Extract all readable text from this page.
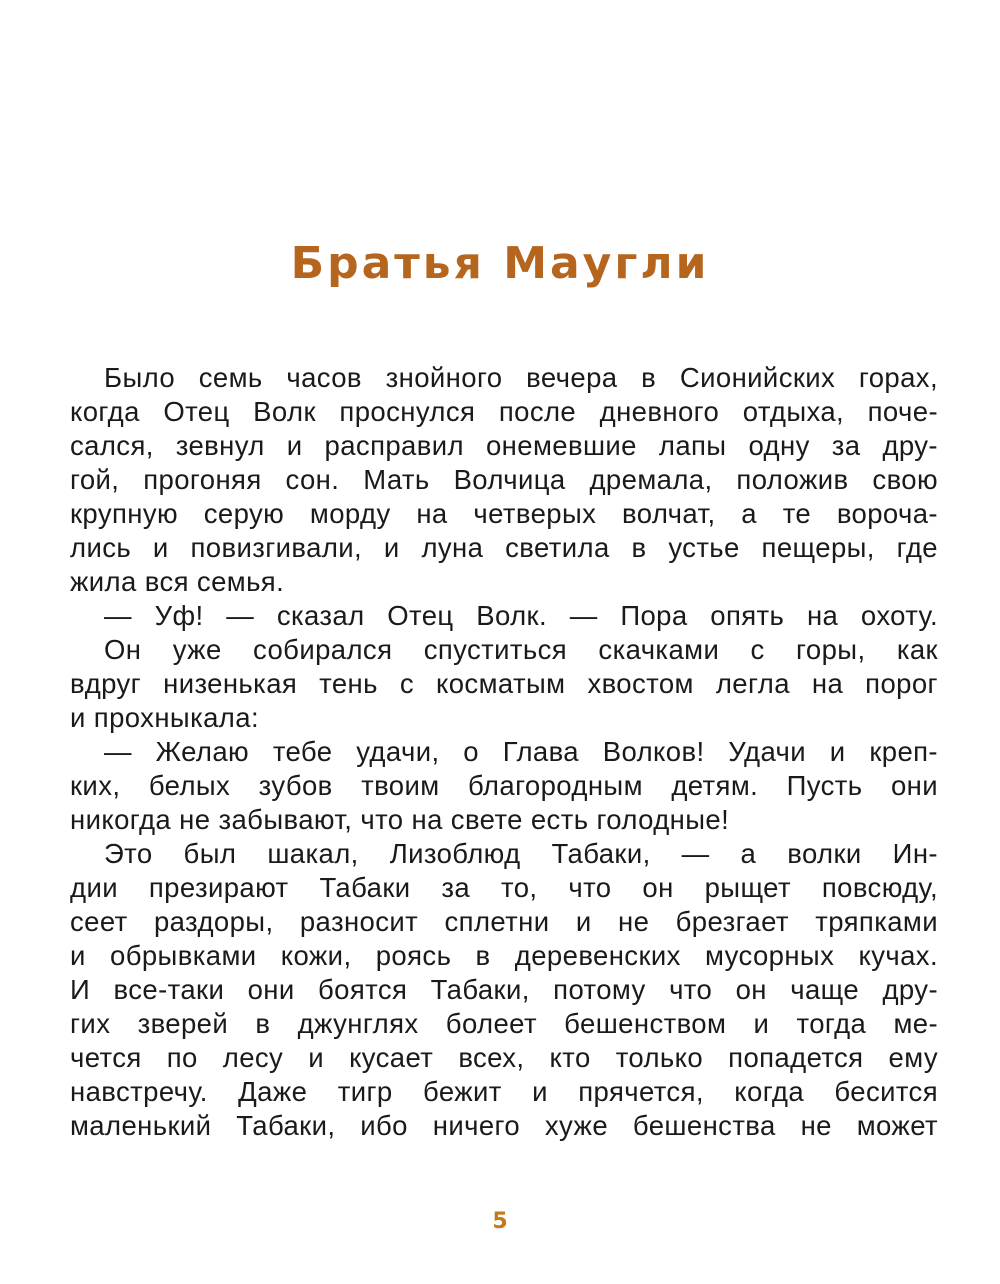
Братья Маугли
Было семь часов знойного вечера в Сионийских горах,
когда Отец Волк проснулся после дневного отдыха, поче-
сался, зевнул и расправил онемевшие лапы одну за дру-
гой, прогоняя сон. Мать Волчица дремала, положив свою
крупную серую морду на четверых волчат, а те ворочa-
лись и повизгивали, и луна светила в устье пещеры, где
жила вся семья.
— Уф! — сказал Отец Волк. — Пора опять на охоту.
Он уже собирался спуститься скачками с горы, как
вдруг низенькая тень с косматым хвостом легла на порог
и прохныкала:
— Желаю тебе удачи, о Глава Волков! Удачи и креп-
ких, белых зубов твоим благородным детям. Пусть они
никогда не забывают, что на свете есть голодные!
Это был шакал, Лизоблюд Табаки, — а волки Ин-
дии презирают Табаки за то, что он рыщет повсюду,
сеет раздоры, разносит сплетни и не брезгает тряпками
и обрывками кожи, роясь в деревенских мусорных кучах.
И все-таки они боятся Табаки, потому что он чаще дру-
гих зверей в джунглях болеет бешенством и тогда ме-
чется по лесу и кусает всех, кто только попадется ему
навстречу. Даже тигр бежит и прячется, когда бесится
маленький Табаки, ибо ничего хуже бешенства не может
5
